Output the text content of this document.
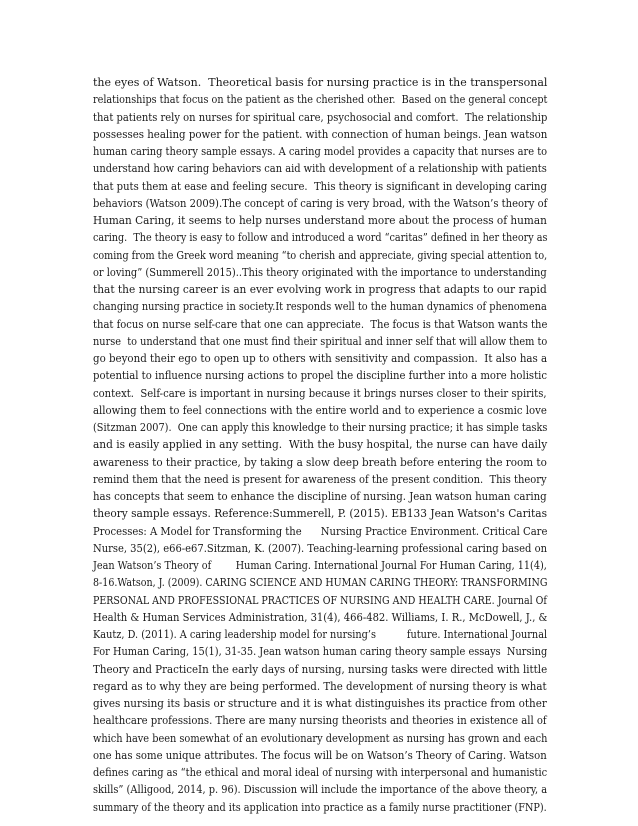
the eyes of Watson.  Theoretical basis for nursing practice is in the transpersonal
relationships that focus on the patient as the cherished other.  Based on the general concept
that patients rely on nurses for spiritual care, psychosocial and comfort.  The relationship
possesses healing power for the patient. with connection of human beings. Jean watson
human caring theory sample essays. A caring model provides a capacity that nurses are to
understand how caring behaviors can aid with development of a relationship with patients
that puts them at ease and feeling secure.  This theory is significant in developing caring
behaviors (Watson 2009).The concept of caring is very broad, with the Watson’s theory of
Human Caring, it seems to help nurses understand more about the process of human
caring.  The theory is easy to follow and introduced a word “caritas” defined in her theory as
coming from the Greek word meaning “to cherish and appreciate, giving special attention to,
or loving” (Summerell 2015)..This theory originated with the importance to understanding
that the nursing career is an ever evolving work in progress that adapts to our rapid
changing nursing practice in society.It responds well to the human dynamics of phenomena
that focus on nurse self-care that one can appreciate.  The focus is that Watson wants the
nurse  to understand that one must find their spiritual and inner self that will allow them to
go beyond their ego to open up to others with sensitivity and compassion.  It also has a
potential to influence nursing actions to propel the discipline further into a more holistic
context.  Self-care is important in nursing because it brings nurses closer to their spirits,
allowing them to feel connections with the entire world and to experience a cosmic love
(Sitzman 2007).  One can apply this knowledge to their nursing practice; it has simple tasks
and is easily applied in any setting.  With the busy hospital, the nurse can have daily
awareness to their practice, by taking a slow deep breath before entering the room to
remind them that the need is present for awareness of the present condition.  This theory
has concepts that seem to enhance the discipline of nursing. Jean watson human caring
theory sample essays. Reference:Summerell, P. (2015). EB133 Jean Watson's Caritas
Processes: A Model for Transforming the      Nursing Practice Environment. Critical Care
Nurse, 35(2), e66-e67.Sitzman, K. (2007). Teaching-learning professional caring based on
Jean Watson’s Theory of        Human Caring. International Journal For Human Caring, 11(4),
8-16.Watson, J. (2009). CARING SCIENCE AND HUMAN CARING THEORY: TRANSFORMING
PERSONAL AND PROFESSIONAL PRACTICES OF NURSING AND HEALTH CARE. Journal Of
Health & Human Services Administration, 31(4), 466-482. Williams, I. R., McDowell, J., &
Kautz, D. (2011). A caring leadership model for nursing’s          future. International Journal
For Human Caring, 15(1), 31-35. Jean watson human caring theory sample essays  Nursing
Theory and PracticeIn the early days of nursing, nursing tasks were directed with little
regard as to why they are being performed. The development of nursing theory is what
gives nursing its basis or structure and it is what distinguishes its practice from other
healthcare professions. There are many nursing theorists and theories in existence all of
which have been somewhat of an evolutionary development as nursing has grown and each
one has some unique attributes. The focus will be on Watson’s Theory of Caring. Watson
defines caring as “the ethical and moral ideal of nursing with interpersonal and humanistic
skills” (Alligood, 2014, p. 96). Discussion will include the importance of the above theory, a
summary of the theory and its application into practice as a family nurse practitioner (FNP).
